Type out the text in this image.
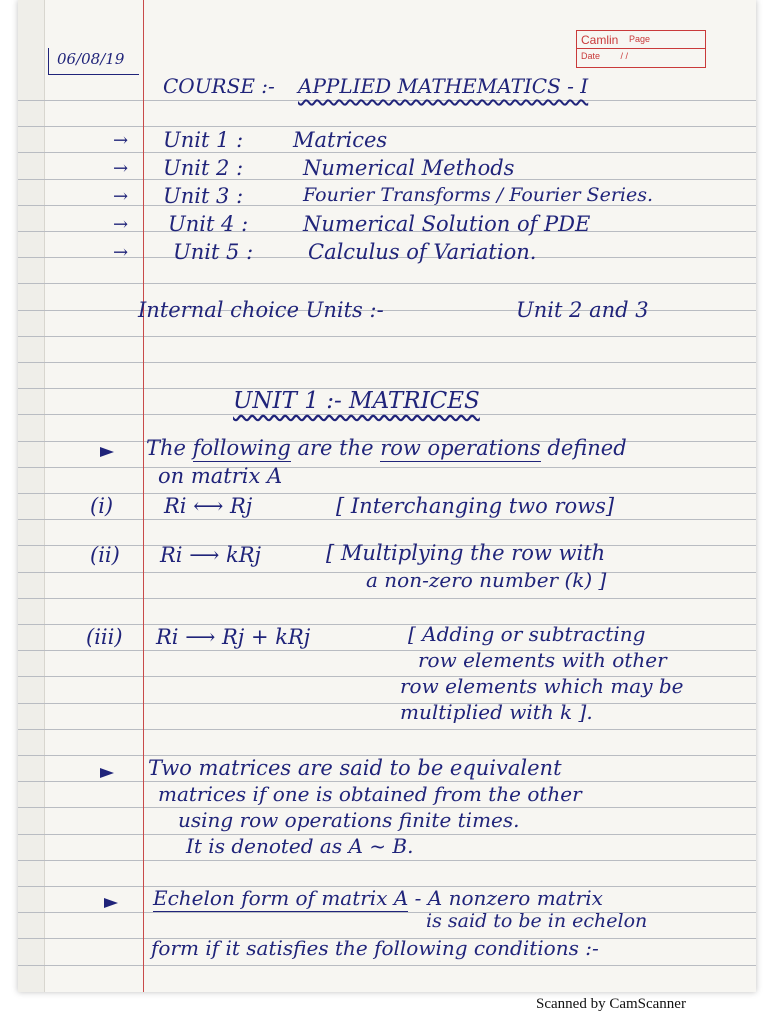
06/08/19
Camlin Page
Date / /
COURSE :- APPLIED MATHEMATICS - I
→ Unit 1 : Matrices
→ Unit 2 :	Numerical Methods
→ Unit 3 :	Fourier Transforms / Fourier Series.
→ Unit 4 :	Numerical Solution of PDE
→ Unit 5 :	Calculus of Variation.
Internal choice Units :-	Unit 2 and 3
UNIT 1 :- MATRICES
The following are the row operations defined
on matrix A
(i) Ri ⟷ Rj	[ Interchanging two rows]
(ii) Ri ⟶ kRj	[ Multiplying the row with
a non-zero number (k) ]
(iii) Ri ⟶ Rj + kRj	[ Adding or subtracting
row elements with other
row elements which may be
multiplied with k ].
Two matrices are said to be equivalent
matrices if one is obtained from the other
using row operations finite times.
It is denoted as A ~ B.
Echelon form of matrix A - A nonzero matrix
is said to be in echelon
form if it satisfies the following conditions :-
Scanned by CamScanner
